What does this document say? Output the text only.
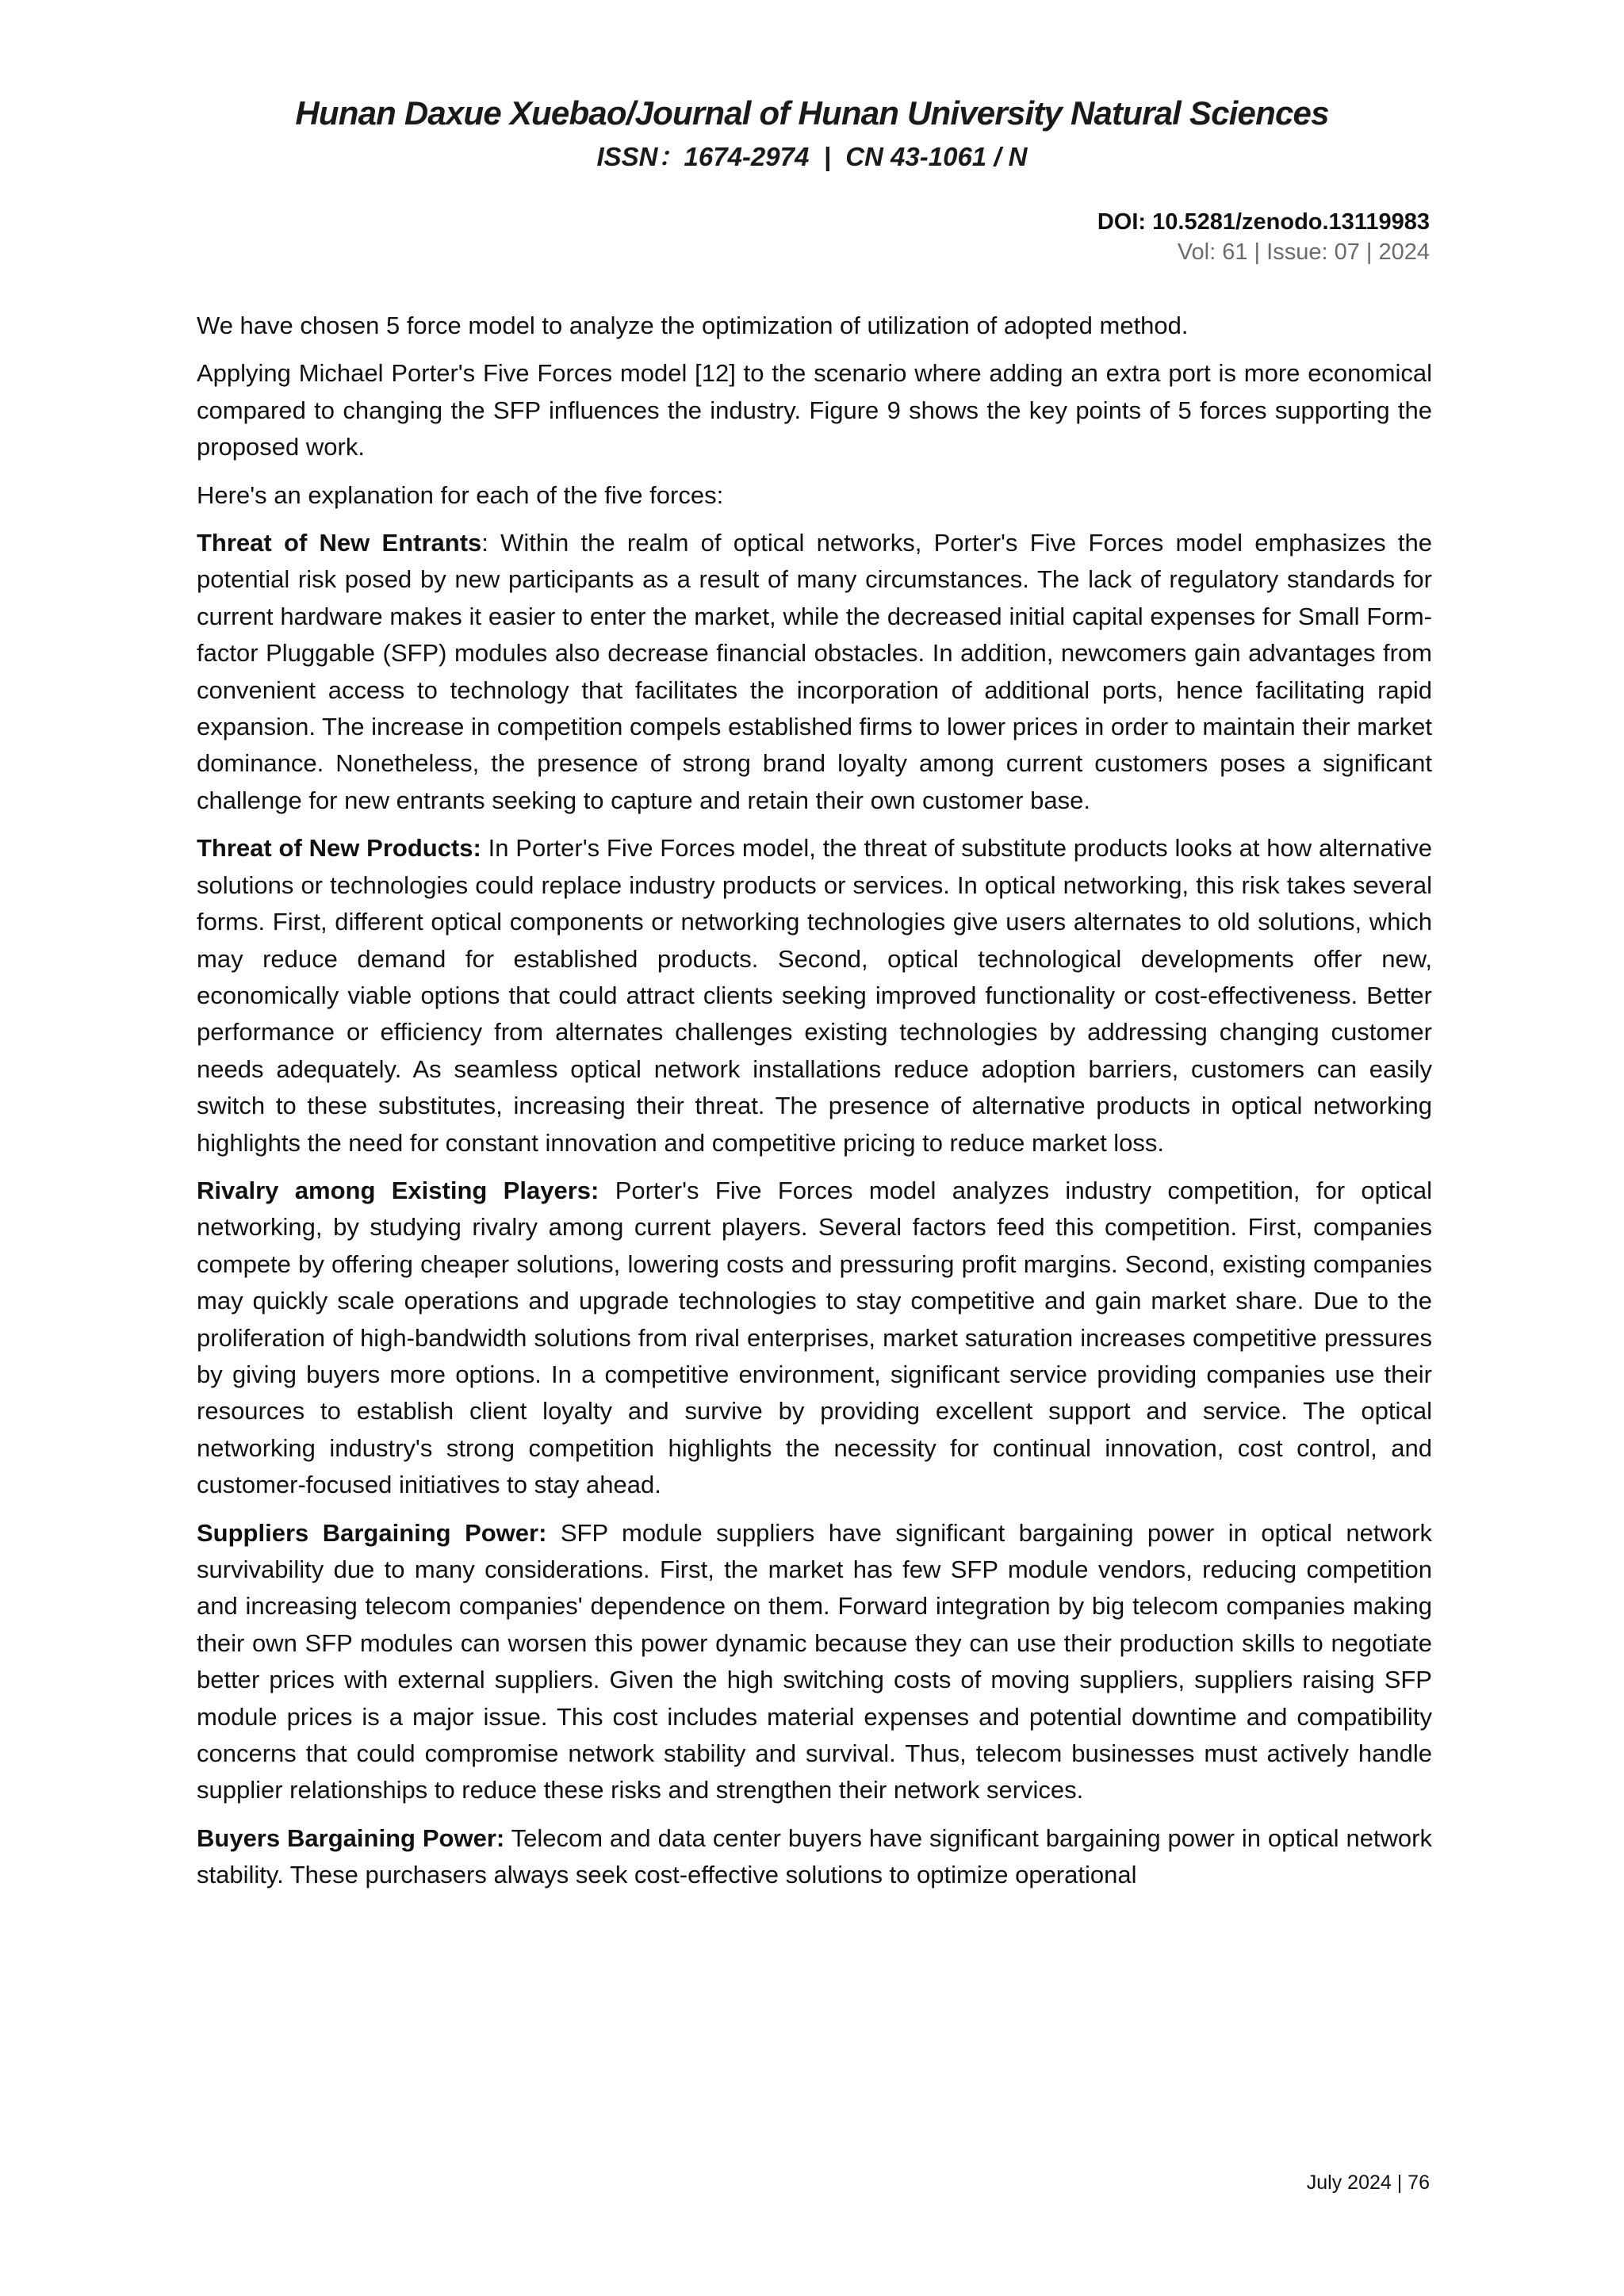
Hunan Daxue Xuebao/Journal of Hunan University Natural Sciences
ISSN：1674-2974  |  CN 43-1061 / N
DOI: 10.5281/zenodo.13119983
Vol: 61 | Issue: 07 | 2024

We have chosen 5 force model to analyze the optimization of utilization of adopted method.

Applying Michael Porter's Five Forces model [12] to the scenario where adding an extra port is more economical compared to changing the SFP influences the industry. Figure 9 shows the key points of 5 forces supporting the proposed work.

Here's an explanation for each of the five forces:

Threat of New Entrants: Within the realm of optical networks, Porter's Five Forces model emphasizes the potential risk posed by new participants as a result of many circumstances. The lack of regulatory standards for current hardware makes it easier to enter the market, while the decreased initial capital expenses for Small Form-factor Pluggable (SFP) modules also decrease financial obstacles. In addition, newcomers gain advantages from convenient access to technology that facilitates the incorporation of additional ports, hence facilitating rapid expansion. The increase in competition compels established firms to lower prices in order to maintain their market dominance. Nonetheless, the presence of strong brand loyalty among current customers poses a significant challenge for new entrants seeking to capture and retain their own customer base.

Threat of New Products: In Porter's Five Forces model, the threat of substitute products looks at how alternative solutions or technologies could replace industry products or services. In optical networking, this risk takes several forms. First, different optical components or networking technologies give users alternates to old solutions, which may reduce demand for established products. Second, optical technological developments offer new, economically viable options that could attract clients seeking improved functionality or cost-effectiveness. Better performance or efficiency from alternates challenges existing technologies by addressing changing customer needs adequately. As seamless optical network installations reduce adoption barriers, customers can easily switch to these substitutes, increasing their threat. The presence of alternative products in optical networking highlights the need for constant innovation and competitive pricing to reduce market loss.

Rivalry among Existing Players: Porter's Five Forces model analyzes industry competition, for optical networking, by studying rivalry among current players. Several factors feed this competition. First, companies compete by offering cheaper solutions, lowering costs and pressuring profit margins. Second, existing companies may quickly scale operations and upgrade technologies to stay competitive and gain market share. Due to the proliferation of high-bandwidth solutions from rival enterprises, market saturation increases competitive pressures by giving buyers more options. In a competitive environment, significant service providing companies use their resources to establish client loyalty and survive by providing excellent support and service. The optical networking industry's strong competition highlights the necessity for continual innovation, cost control, and customer-focused initiatives to stay ahead.

Suppliers Bargaining Power: SFP module suppliers have significant bargaining power in optical network survivability due to many considerations. First, the market has few SFP module vendors, reducing competition and increasing telecom companies' dependence on them. Forward integration by big telecom companies making their own SFP modules can worsen this power dynamic because they can use their production skills to negotiate better prices with external suppliers. Given the high switching costs of moving suppliers, suppliers raising SFP module prices is a major issue. This cost includes material expenses and potential downtime and compatibility concerns that could compromise network stability and survival. Thus, telecom businesses must actively handle supplier relationships to reduce these risks and strengthen their network services.

Buyers Bargaining Power: Telecom and data center buyers have significant bargaining power in optical network stability. These purchasers always seek cost-effective solutions to optimize operational

July 2024 | 76
